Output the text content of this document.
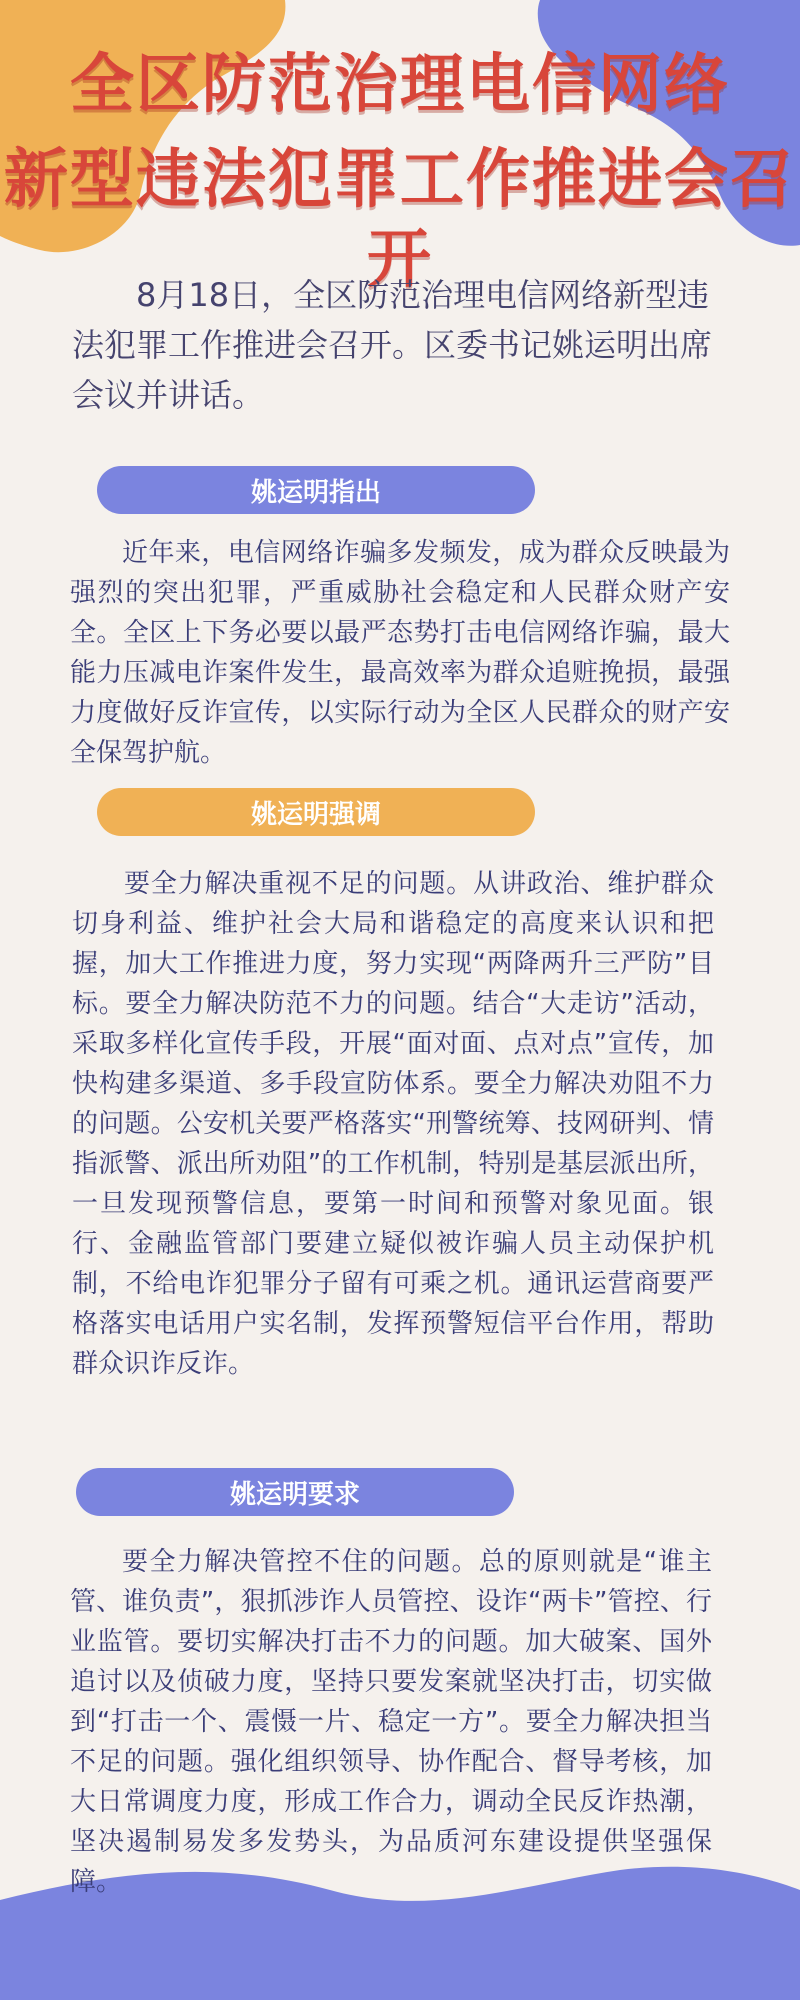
全区防范治理电信网络
新型违法犯罪工作推进会召开

8月18日，全区防范治理电信网络新型违法犯罪工作推进会召开。区委书记姚运明出席会议并讲话。

姚运明指出

近年来，电信网络诈骗多发频发，成为群众反映最为强烈的突出犯罪，严重威胁社会稳定和人民群众财产安全。全区上下务必要以最严态势打击电信网络诈骗，最大能力压减电诈案件发生，最高效率为群众追赃挽损，最强力度做好反诈宣传，以实际行动为全区人民群众的财产安全保驾护航。

姚运明强调

要全力解决重视不足的问题。从讲政治、维护群众切身利益、维护社会大局和谐稳定的高度来认识和把握，加大工作推进力度，努力实现“两降两升三严防”目标。要全力解决防范不力的问题。结合“大走访”活动，采取多样化宣传手段，开展“面对面、点对点”宣传，加快构建多渠道、多手段宣防体系。要全力解决劝阻不力的问题。公安机关要严格落实“刑警统筹、技网研判、情指派警、派出所劝阻”的工作机制，特别是基层派出所，一旦发现预警信息，要第一时间和预警对象见面。银行、金融监管部门要建立疑似被诈骗人员主动保护机制，不给电诈犯罪分子留有可乘之机。通讯运营商要严格落实电话用户实名制，发挥预警短信平台作用，帮助群众识诈反诈。

姚运明要求

要全力解决管控不住的问题。总的原则就是“谁主管、谁负责”，狠抓涉诈人员管控、设诈“两卡”管控、行业监管。要切实解决打击不力的问题。加大破案、国外追讨以及侦破力度，坚持只要发案就坚决打击，切实做到“打击一个、震慑一片、稳定一方”。要全力解决担当不足的问题。强化组织领导、协作配合、督导考核，加大日常调度力度，形成工作合力，调动全民反诈热潮，坚决遏制易发多发势头，为品质河东建设提供坚强保障。
